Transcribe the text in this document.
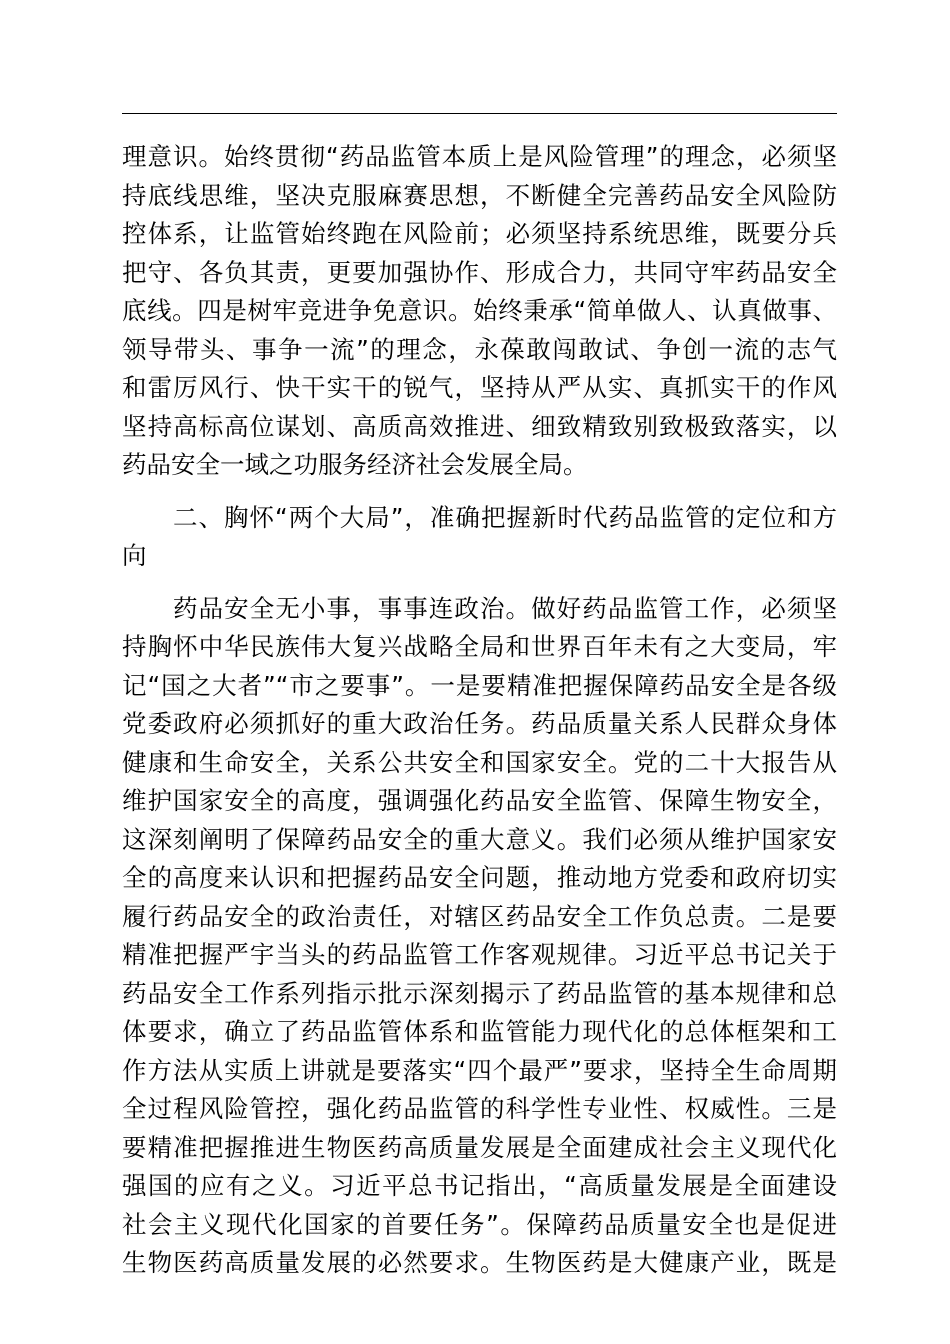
理意识。始终贯彻“药品监管本质上是风险管理”的理念，必须坚
持底线思维，坚决克服麻赛思想，不断健全完善药品安全风险防
控体系，让监管始终跑在风险前；必须坚持系统思维，既要分兵
把守、各负其责，更要加强协作、形成合力，共同守牢药品安全
底线。四是树牢竞进争免意识。始终秉承“简单做人、认真做事、
领导带头、事争一流”的理念，永葆敢闯敢试、争创一流的志气
和雷厉风行、快干实干的锐气，坚持从严从实、真抓实干的作风
坚持高标高位谋划、高质高效推进、细致精致别致极致落实，以
药品安全一域之功服务经济社会发展全局。
二、胸怀“两个大局”，准确把握新时代药品监管的定位和方
向
药品安全无小事，事事连政治。做好药品监管工作，必须坚
持胸怀中华民族伟大复兴战略全局和世界百年未有之大变局，牢
记“国之大者”“市之要事”。一是要精准把握保障药品安全是各级
党委政府必须抓好的重大政治任务。药品质量关系人民群众身体
健康和生命安全，关系公共安全和国家安全。党的二十大报告从
维护国家安全的高度，强调强化药品安全监管、保障生物安全，
这深刻阐明了保障药品安全的重大意义。我们必须从维护国家安
全的高度来认识和把握药品安全问题，推动地方党委和政府切实
履行药品安全的政治责任，对辖区药品安全工作负总责。二是要
精准把握严宇当头的药品监管工作客观规律。习近平总书记关于
药品安全工作系列指示批示深刻揭示了药品监管的基本规律和总
体要求，确立了药品监管体系和监管能力现代化的总体框架和工
作方法从实质上讲就是要落实“四个最严”要求，坚持全生命周期
全过程风险管控，强化药品监管的科学性专业性、权威性。三是
要精准把握推进生物医药高质量发展是全面建成社会主义现代化
强国的应有之义。习近平总书记指出，“高质量发展是全面建设
社会主义现代化国家的首要任务”。保障药品质量安全也是促进
生物医药高质量发展的必然要求。生物医药是大健康产业，既是
